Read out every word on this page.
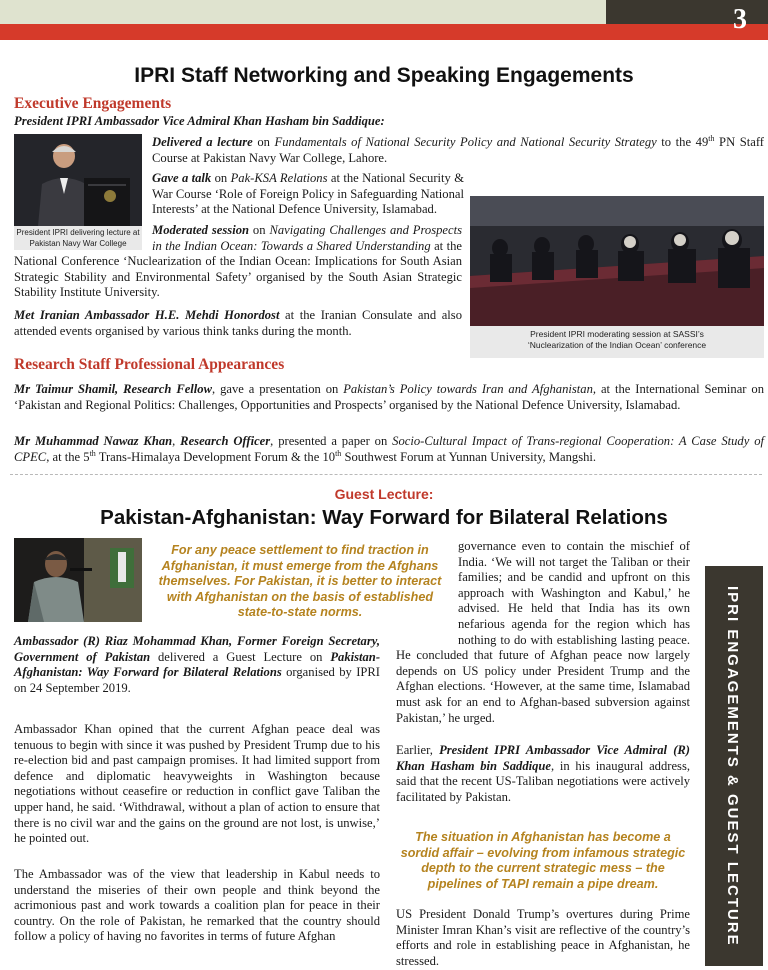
3
IPRI Staff Networking and Speaking Engagements
Executive Engagements
President IPRI Ambassador Vice Admiral Khan Hasham bin Saddique:
President IPRI delivering lecture at Pakistan Navy War College
Delivered a lecture on Fundamentals of National Security Policy and National Security Strategy to the 49th PN Staff Course at Pakistan Navy War College, Lahore.
Gave a talk on Pak-KSA Relations at the National Security & War Course ‘Role of Foreign Policy in Safeguarding National Interests’ at the National Defence University, Islamabad.
President IPRI moderating session at SASSI’s
‘Nuclearization of the Indian Ocean’ conference
Moderated session on Navigating Challenges and Prospects in the Indian Ocean: Towards a Shared Understanding at the National Conference ‘Nuclearization of the Indian Ocean: Implications for South Asian Strategic Stability and Environmental Safety’ organised by the South Asian Strategic Stability Institute University.
Met Iranian Ambassador H.E. Mehdi Honordost at the Iranian Consulate and also attended events organised by various think tanks during the month.
Research Staff Professional Appearances
Mr Taimur Shamil, Research Fellow, gave a presentation on Pakistan’s Policy towards Iran and Afghanistan, at the International Seminar on ‘Pakistan and Regional Politics: Challenges, Opportunities and Prospects’ organised by the National Defence University, Islamabad.
Mr Muhammad Nawaz Khan, Research Officer, presented a paper on Socio-Cultural Impact of Trans-regional Cooperation: A Case Study of CPEC, at the 5th Trans-Himalaya Development Forum & the 10th Southwest Forum at Yunnan University, Mangshi.
Guest Lecture:
Pakistan-Afghanistan: Way Forward for Bilateral Relations
For any peace settlement to find traction in Afghanistan, it must emerge from the Afghans themselves. For Pakistan, it is better to interact with Afghanistan on the basis of established state-to-state norms.
Ambassador (R) Riaz Mohammad Khan, Former Foreign Secretary, Government of Pakistan delivered a Guest Lecture on Pakistan-Afghanistan: Way Forward for Bilateral Relations organised by IPRI on 24 September 2019.
Ambassador Khan opined that the current Afghan peace deal was tenuous to begin with since it was pushed by President Trump due to his re-election bid and past campaign promises. It had limited support from defence and diplomatic heavyweights in Washington because negotiations without ceasefire or reduction in conflict gave Taliban the upper hand, he said. ‘Withdrawal, without a plan of action to ensure that there is no civil war and the gains on the ground are not lost, is unwise,’ he pointed out.
The Ambassador was of the view that leadership in Kabul needs to understand the miseries of their own people and think beyond the acrimonious past and work towards a coalition plan for peace in their country. On the role of Pakistan, he remarked that the country should follow a policy of having no favorites in terms of future Afghan
governance even to contain the mischief of India. ‘We will not target the Taliban or their families; and be candid and upfront on this approach with Washington and Kabul,’ he advised. He held that India has its own nefarious agenda for the region which has nothing to do with establishing lasting peace. He concluded that future of Afghan peace now largely depends on US policy under President Trump and the Afghan elections. ‘However, at the same time, Islamabad must ask for an end to Afghan-based subversion against Pakistan,’ he urged.
Earlier, President IPRI Ambassador Vice Admiral (R) Khan Hasham bin Saddique, in his inaugural address, said that the recent US-Taliban negotiations were actively facilitated by Pakistan.
The situation in Afghanistan has become a sordid affair – evolving from infamous strategic depth to the current strategic mess – the pipelines of TAPI remain a pipe dream.
US President Donald Trump’s overtures during Prime Minister Imran Khan’s visit are reflective of the country’s efforts and role in establishing peace in Afghanistan, he stressed.
IPRI ENGAGEMENTS & GUEST LECTURE
